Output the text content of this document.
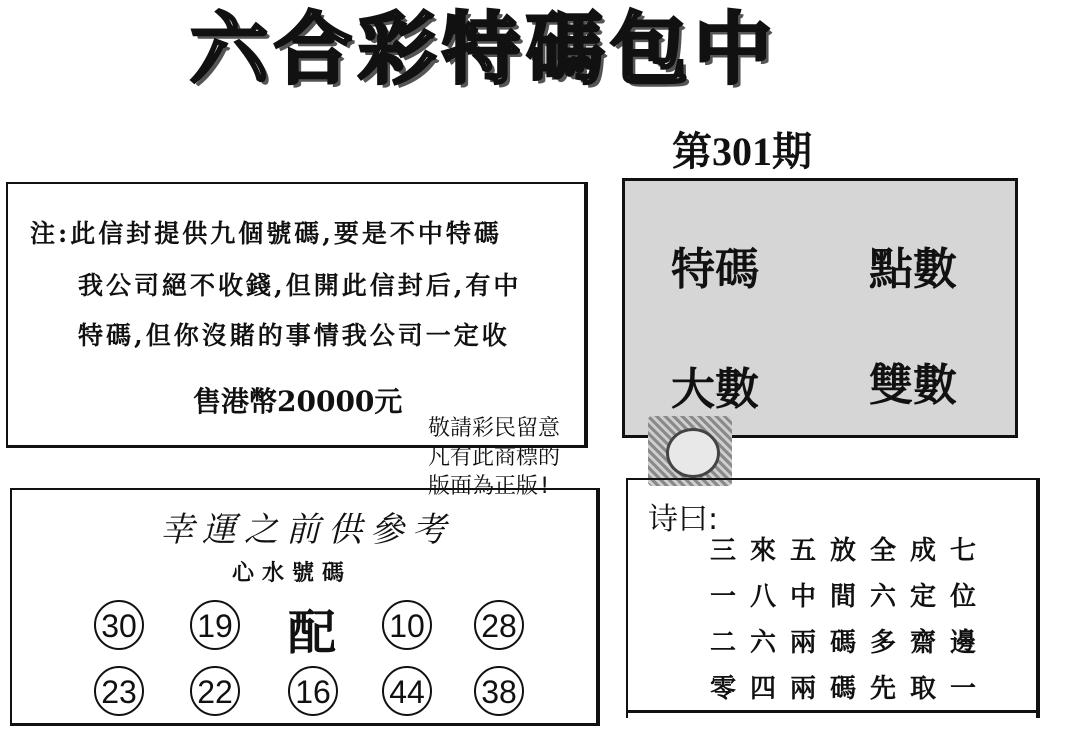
六合彩特碼包中
第301期
注:此信封提供九個號碼,要是不中特碼
我公司絕不收錢,但開此信封后,有中
特碼,但你沒賭的事情我公司一定收
售港幣20000元
特碼	點數
大數	雙數
敬請彩民留意
凡有此商標的
版面為正版!
幸運之前供參考
心水號碼
30 19 配 10 28
23 22 16 44 38
诗曰:
三來五放全成七
一八中間六定位
二六兩碼多齋邊
零四兩碼先取一
